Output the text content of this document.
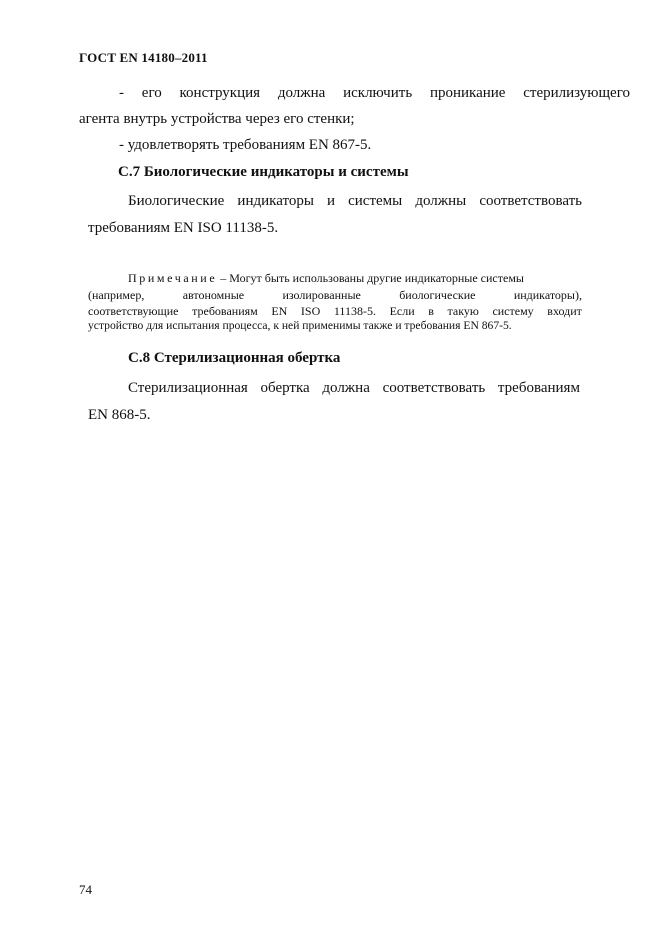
ГОСТ EN 14180–2011
- его конструкция должна исключить проникание стерилизующего
агента внутрь устройства через его стенки;
- удовлетворять требованиям EN 867-5.
С.7 Биологические индикаторы и системы
Биологические индикаторы и системы должны соответствовать
требованиям EN ISO 11138-5.
Примечание – Могут быть использованы другие индикаторные системы
(например,	автономные	изолированные	биологические	индикаторы),
соответствующие требованиям EN ISO 11138-5. Если в такую систему входит
устройство для испытания процесса, к ней применимы также и требования EN 867-5.
С.8 Стерилизационная обертка
Стерилизационная обертка должна соответствовать требованиям
EN 868-5.
74
